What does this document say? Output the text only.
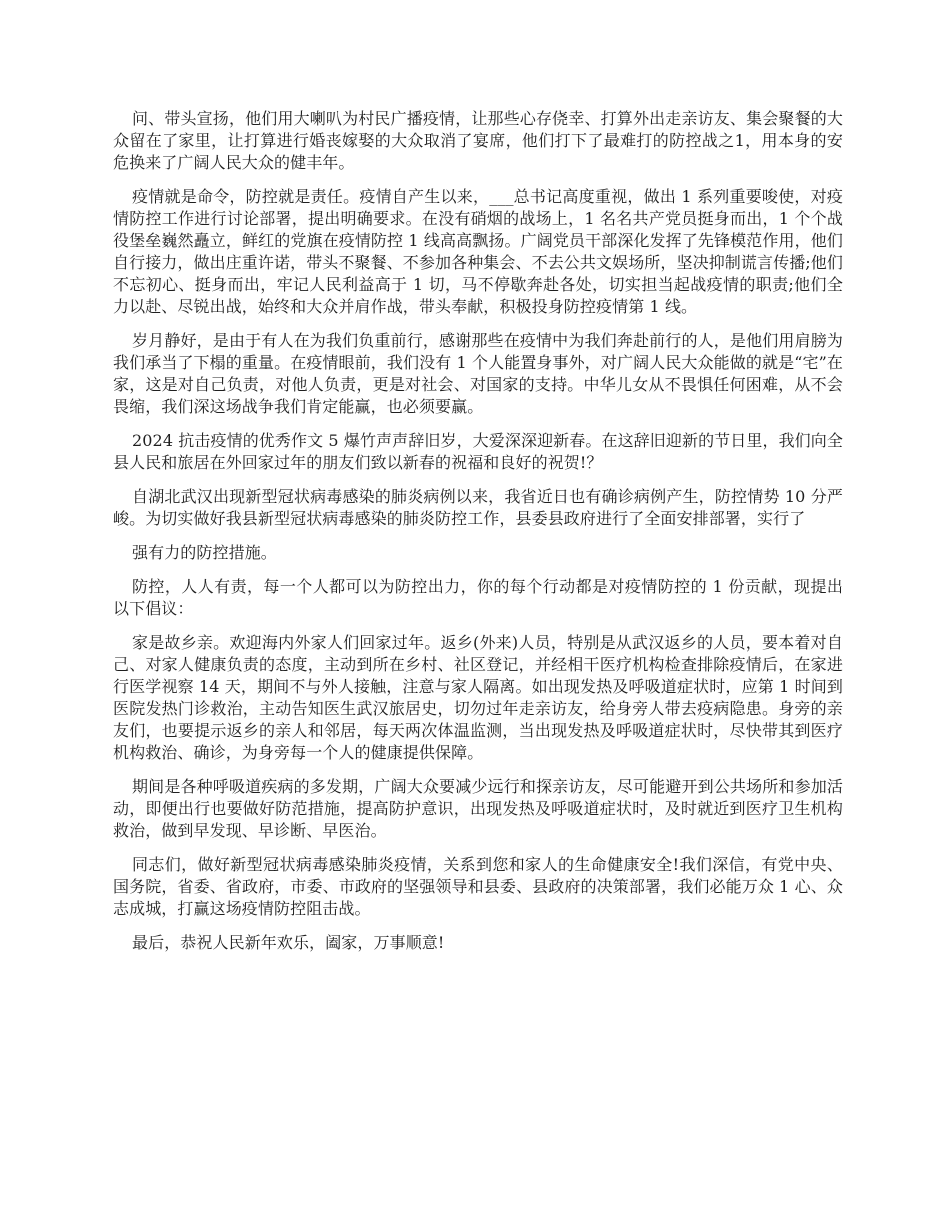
问、带头宣扬，他们用大喇叭为村民广播疫情，让那些心存侥幸、打算外出走亲访友、集会聚餐的大众留在了家里，让打算进行婚丧嫁娶的大众取消了宴席，他们打下了最难打的防控战之1，用本身的安危换来了广阔人民大众的健丰年。

疫情就是命令，防控就是责任。疫情自产生以来，___总书记高度重视，做出 1 系列重要唆使，对疫情防控工作进行讨论部署，提出明确要求。在没有硝烟的战场上，1 名名共产党员挺身而出，1 个个战役堡垒巍然矗立，鲜红的党旗在疫情防控 1 线高高飘扬。广阔党员干部深化发挥了先锋模范作用，他们自行接力，做出庄重许诺，带头不聚餐、不参加各种集会、不去公共文娱场所，坚决抑制谎言传播;他们不忘初心、挺身而出，牢记人民利益高于 1 切，马不停歇奔赴各处，切实担当起战疫情的职责;他们全力以赴、尽锐出战，始终和大众并肩作战，带头奉献，积极投身防控疫情第 1 线。

岁月静好，是由于有人在为我们负重前行，感谢那些在疫情中为我们奔赴前行的人，是他们用肩膀为我们承当了下榻的重量。在疫情眼前，我们没有 1 个人能置身事外，对广阔人民大众能做的就是“宅”在家，这是对自己负责，对他人负责，更是对社会、对国家的支持。中华儿女从不畏惧任何困难，从不会畏缩，我们深这场战争我们肯定能赢，也必须要赢。

2024 抗击疫情的优秀作文 5 爆竹声声辞旧岁，大爱深深迎新春。在这辞旧迎新的节日里，我们向全县人民和旅居在外回家过年的朋友们致以新春的祝福和良好的祝贺!？

自湖北武汉出现新型冠状病毒感染的肺炎病例以来，我省近日也有确诊病例产生，防控情势 10 分严峻。为切实做好我县新型冠状病毒感染的肺炎防控工作，县委县政府进行了全面安排部署，实行了

强有力的防控措施。

防控，人人有责，每一个人都可以为防控出力，你的每个行动都是对疫情防控的 1 份贡献，现提出以下倡议：

家是故乡亲。欢迎海内外家人们回家过年。返乡(外来)人员，特别是从武汉返乡的人员，要本着对自己、对家人健康负责的态度，主动到所在乡村、社区登记，并经相干医疗机构检查排除疫情后，在家进行医学视察 14 天，期间不与外人接触，注意与家人隔离。如出现发热及呼吸道症状时，应第 1 时间到医院发热门诊救治，主动告知医生武汉旅居史，切勿过年走亲访友，给身旁人带去疫病隐患。身旁的亲友们，也要提示返乡的亲人和邻居，每天两次体温监测，当出现发热及呼吸道症状时，尽快带其到医疗机构救治、确诊，为身旁每一个人的健康提供保障。

期间是各种呼吸道疾病的多发期，广阔大众要减少远行和探亲访友，尽可能避开到公共场所和参加活动，即便出行也要做好防范措施，提高防护意识，出现发热及呼吸道症状时，及时就近到医疗卫生机构救治，做到早发现、早诊断、早医治。

同志们，做好新型冠状病毒感染肺炎疫情，关系到您和家人的生命健康安全!我们深信，有党中央、国务院，省委、省政府，市委、市政府的坚强领导和县委、县政府的决策部署，我们必能万众 1 心、众志成城，打赢这场疫情防控阻击战。

最后，恭祝人民新年欢乐，阖家，万事顺意!
